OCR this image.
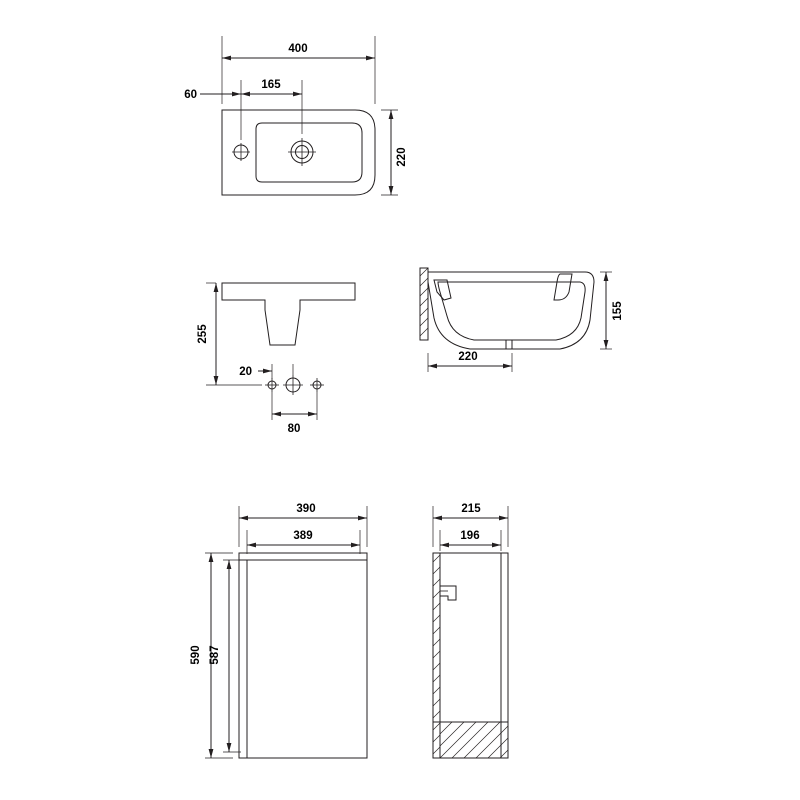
400
60
165
220
255
20
80
155
220
390
389
590 587
215
196
